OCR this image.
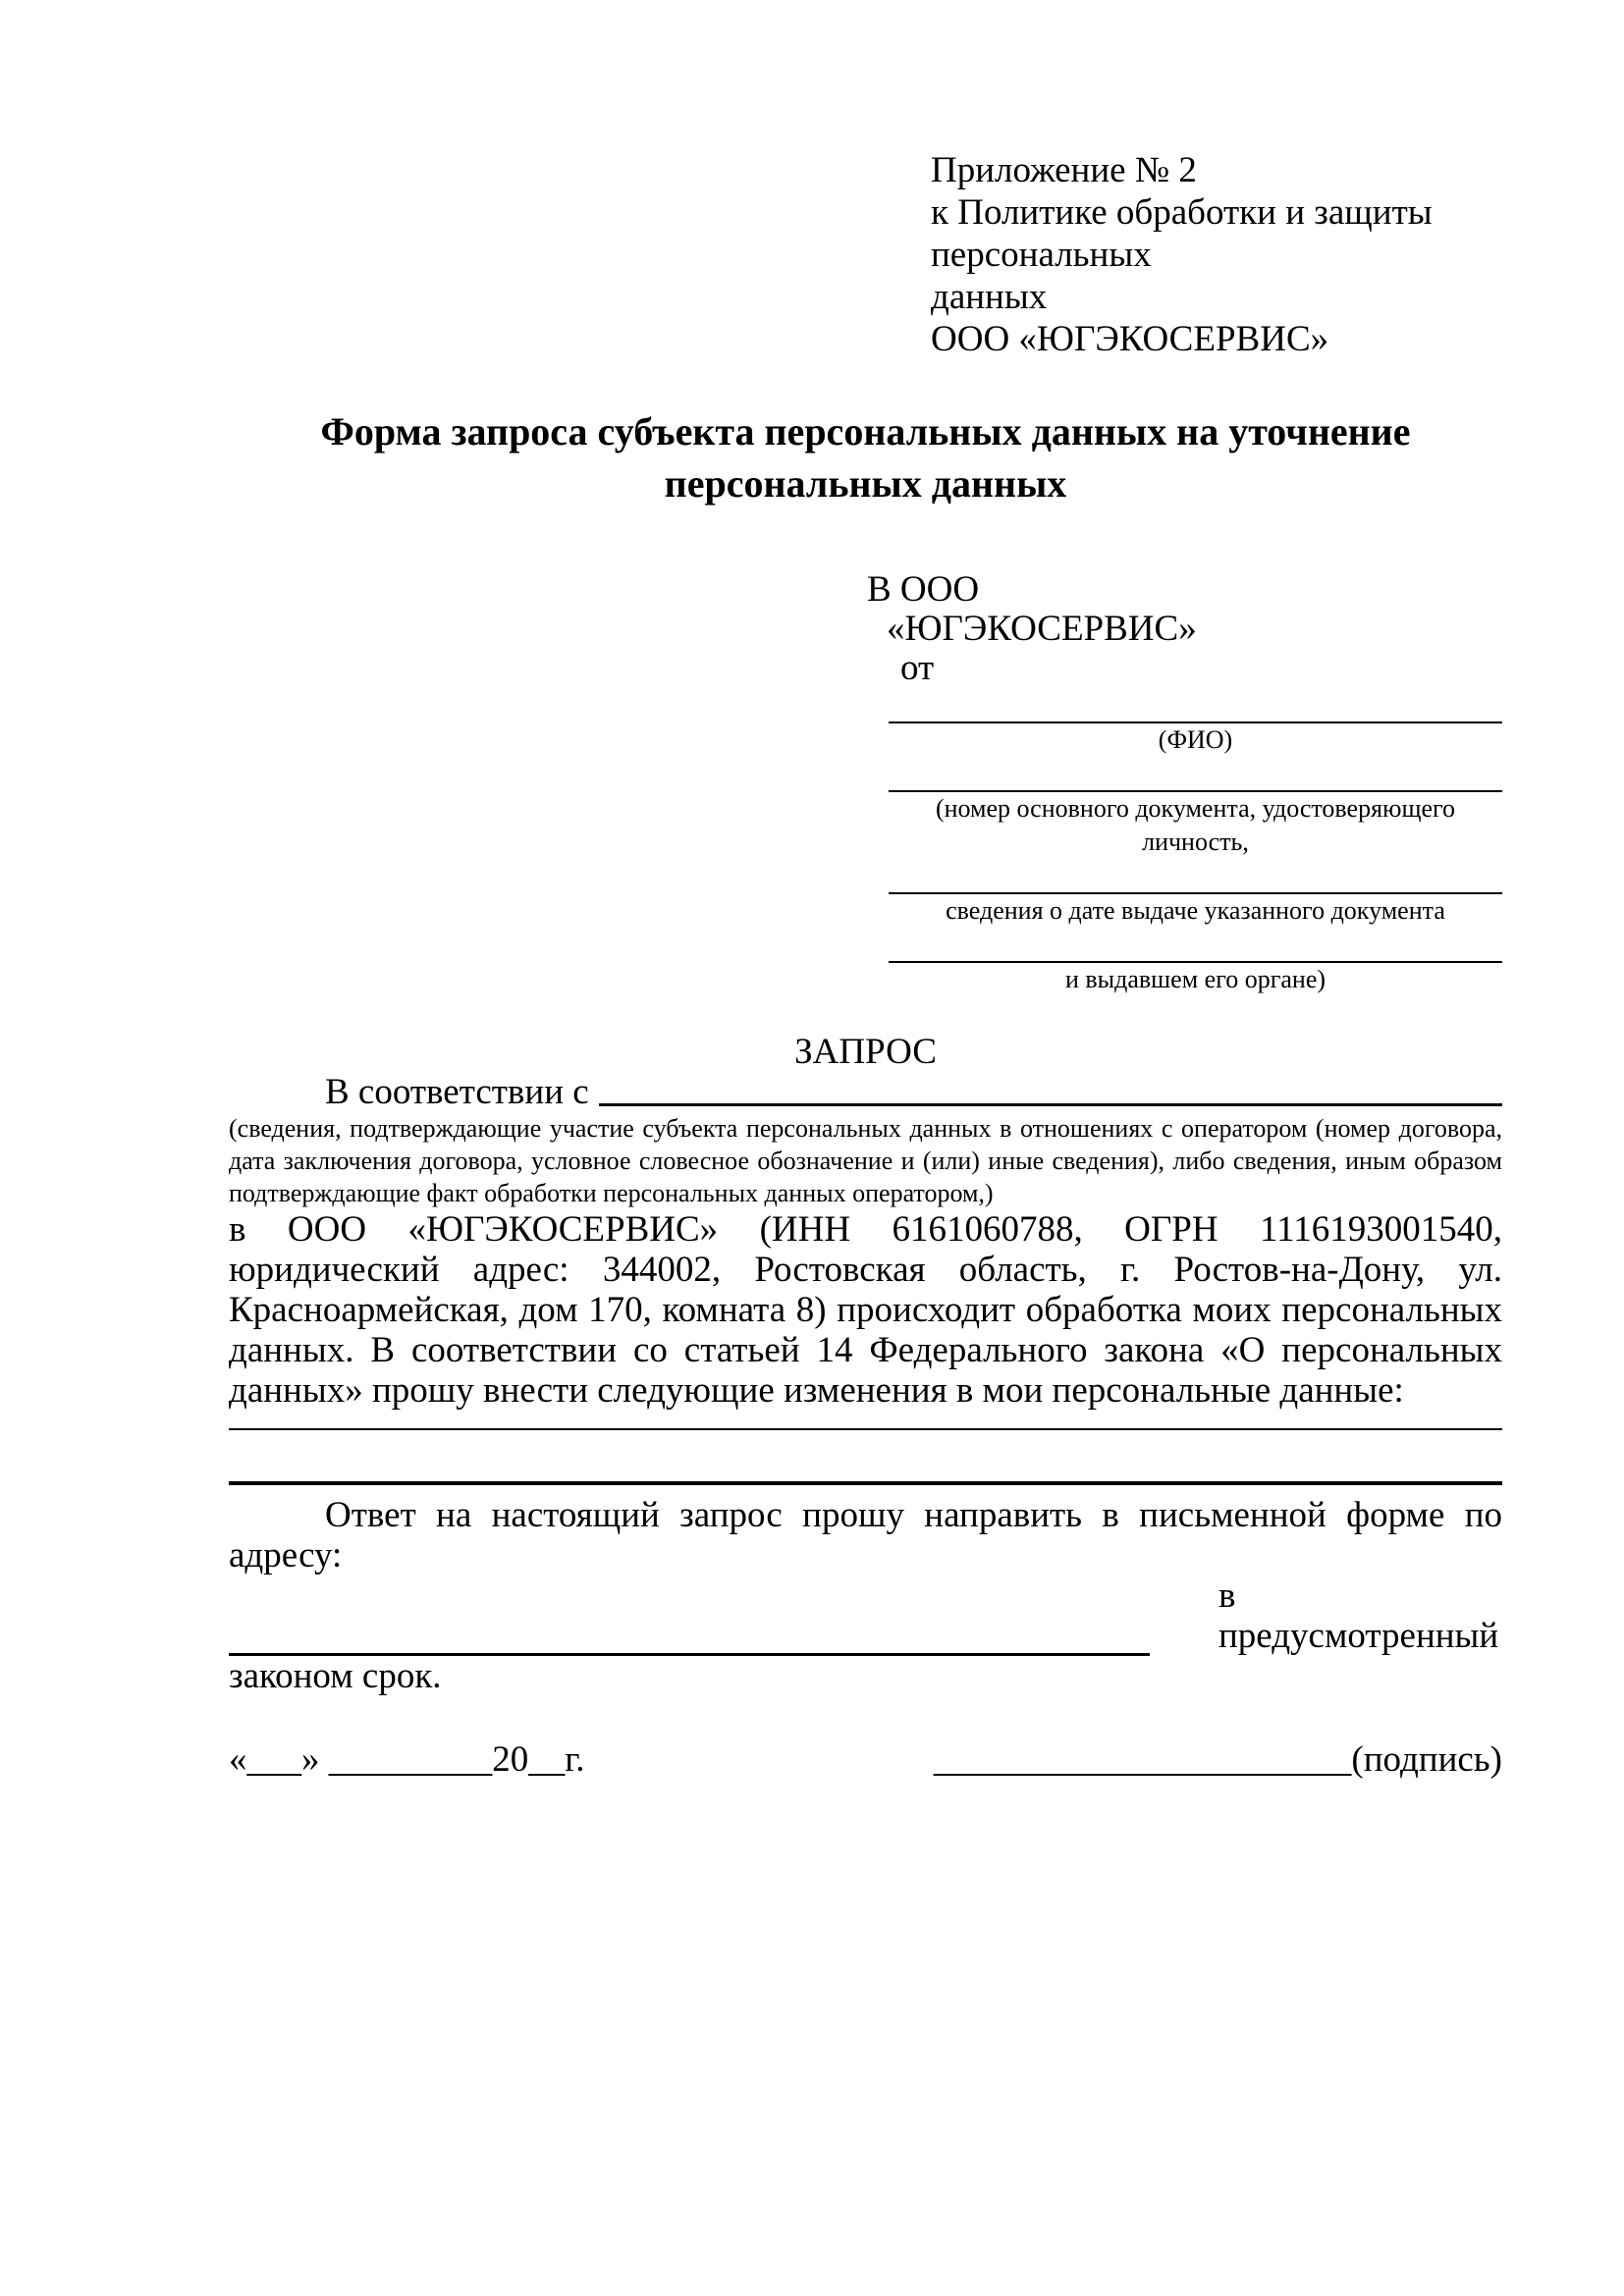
Приложение № 2
к Политике обработки и защиты персональных
данных
ООО «ЮГЭКОСЕРВИС»
Форма запроса субъекта персональных данных на уточнение персональных данных
В ООО
«ЮГЭКОСЕРВИС»
от
(ФИО)
(номер основного документа, удостоверяющего личность,
сведения о дате выдаче указанного документа
и выдавшем его органе)
ЗАПРОС
В соответствии с
(сведения, подтверждающие участие субъекта персональных данных в отношениях с оператором (номер договора, дата заключения договора, условное словесное обозначение и (или) иные сведения), либо сведения, иным образом подтверждающие факт обработки персональных данных оператором,)
в ООО «ЮГЭКОСЕРВИС» (ИНН 6161060788, ОГРН 1116193001540, юридический адрес: 344002, Ростовская область, г. Ростов-на-Дону, ул. Красноармейская, дом 170, комната 8) происходит обработка моих персональных данных. В соответствии со статьей 14 Федерального закона «О персональных данных» прошу внести следующие изменения в мои персональные данные:
Ответ на настоящий запрос прошу направить в письменной форме по адресу:
в предусмотренный
законом срок.
«___» _________20__г.	_______________________(подпись)
